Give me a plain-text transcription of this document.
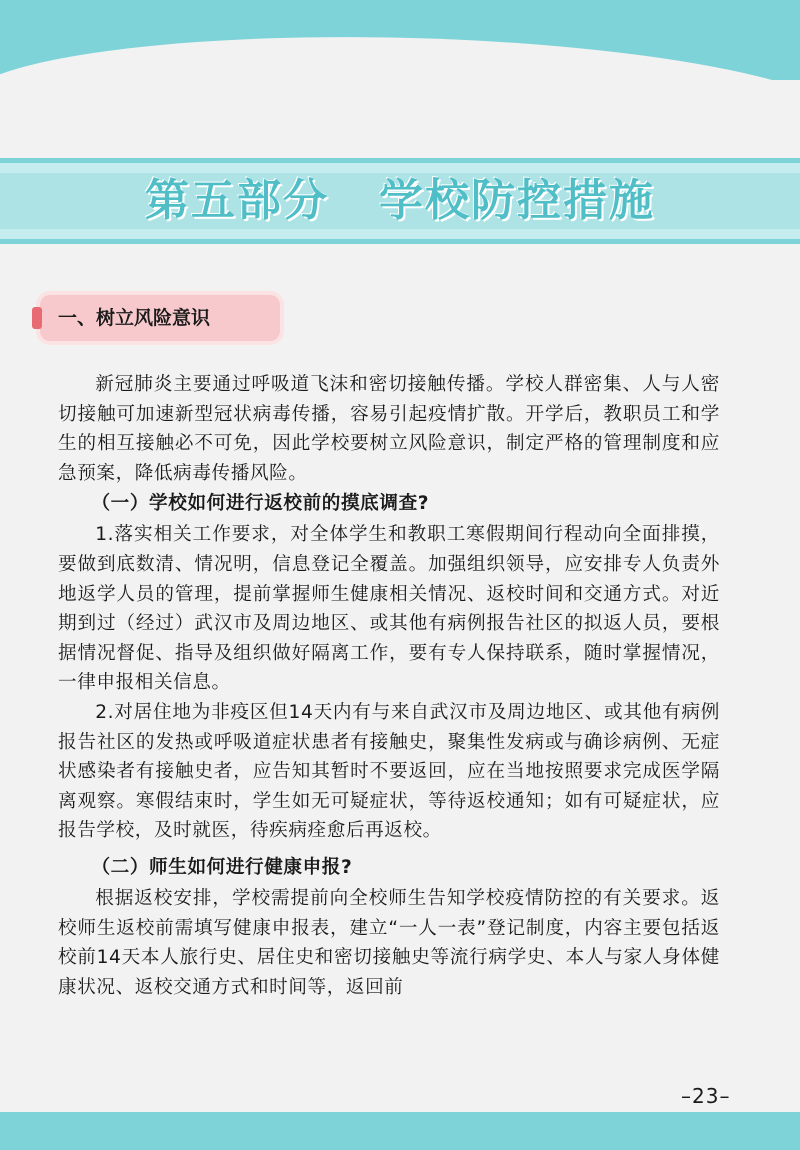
第五部分 学校防控措施
一、树立风险意识

新冠肺炎主要通过呼吸道飞沫和密切接触传播。学校人群密集、人与人密切接触可加速新型冠状病毒传播，容易引起疫情扩散。开学后，教职员工和学生的相互接触必不可免，因此学校要树立风险意识，制定严格的管理制度和应急预案，降低病毒传播风险。

（一）学校如何进行返校前的摸底调查?

1.落实相关工作要求，对全体学生和教职工寒假期间行程动向全面排摸，要做到底数清、情况明，信息登记全覆盖。加强组织领导，应安排专人负责外地返学人员的管理，提前掌握师生健康相关情况、返校时间和交通方式。对近期到过（经过）武汉市及周边地区、或其他有病例报告社区的拟返人员，要根据情况督促、指导及组织做好隔离工作，要有专人保持联系，随时掌握情况，一律申报相关信息。

2.对居住地为非疫区但14天内有与来自武汉市及周边地区、或其他有病例报告社区的发热或呼吸道症状患者有接触史，聚集性发病或与确诊病例、无症状感染者有接触史者，应告知其暂时不要返回，应在当地按照要求完成医学隔离观察。寒假结束时，学生如无可疑症状，等待返校通知；如有可疑症状，应报告学校，及时就医，待疾病痊愈后再返校。

（二）师生如何进行健康申报?

根据返校安排，学校需提前向全校师生告知学校疫情防控的有关要求。返校师生返校前需填写健康申报表，建立“一人一表”登记制度，内容主要包括返校前14天本人旅行史、居住史和密切接触史等流行病学史、本人与家人身体健康状况、返校交通方式和时间等，返回前

–23–
